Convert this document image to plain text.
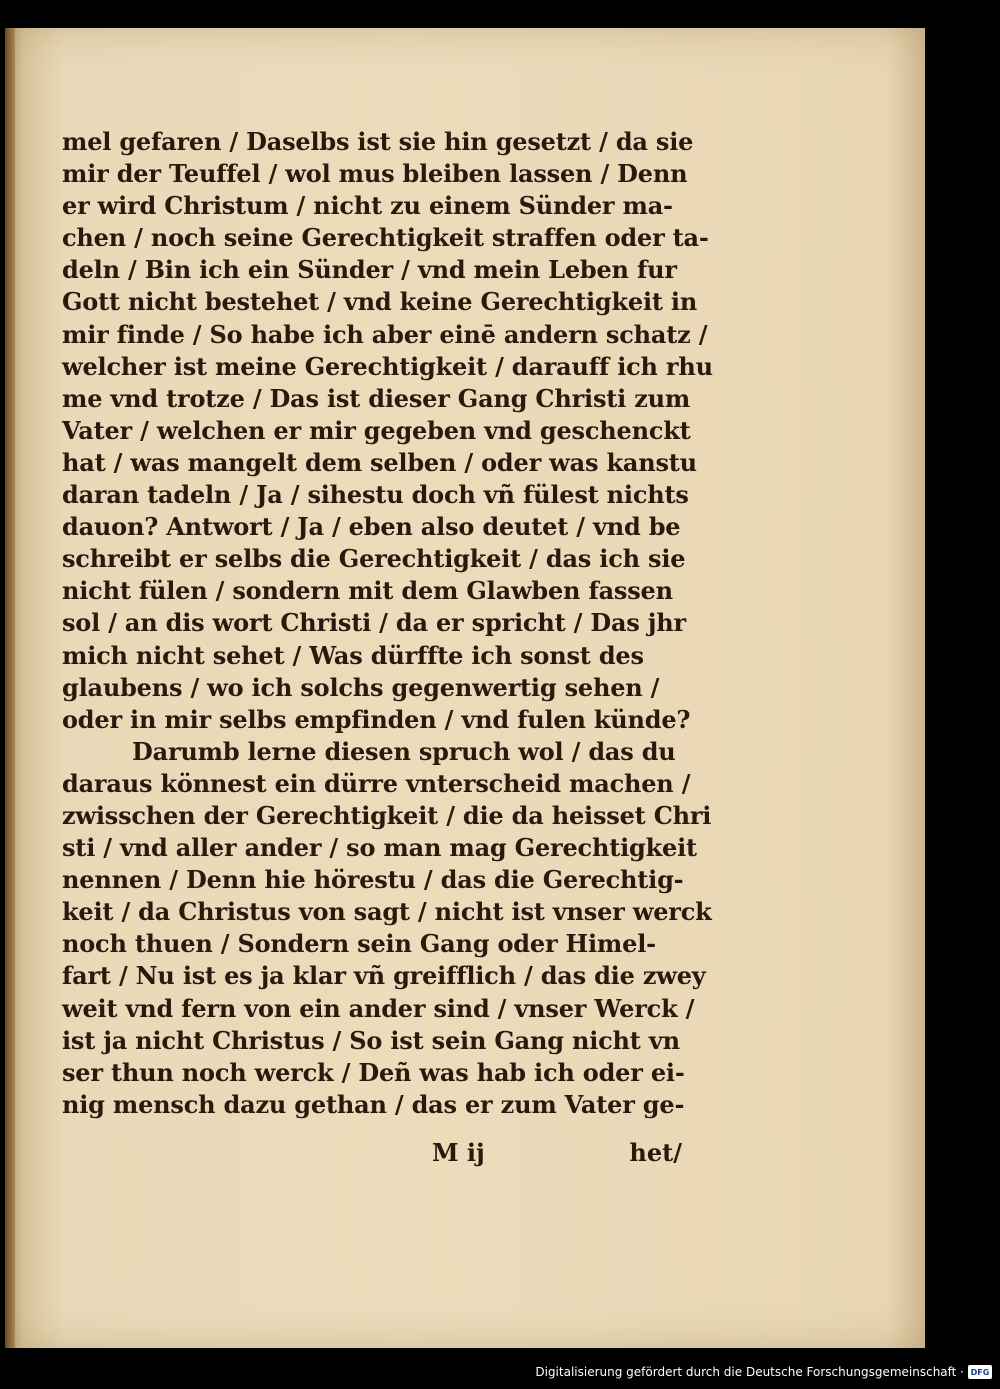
mel gefaren / Daselbs ist sie hin gesetzt / da sie
mir der Teuffel / wol mus bleiben lassen / Denn
er wird Christum / nicht zu einem Sünder ma-
chen / noch seine Gerechtigkeit straffen oder ta-
deln / Bin ich ein Sünder / vnd mein Leben fur
Gott nicht bestehet / vnd keine Gerechtigkeit in
mir finde / So habe ich aber einē andern schatz /
welcher ist meine Gerechtigkeit / darauff ich rhu
me vnd trotze / Das ist dieser Gang Christi zum
Vater / welchen er mir gegeben vnd geschenckt
hat / was mangelt dem selben / oder was kanstu
daran tadeln / Ja / sihestu doch vñ fülest nichts
dauon? Antwort / Ja / eben also deutet / vnd be
schreibt er selbs die Gerechtigkeit / das ich sie
nicht fülen / sondern mit dem Glawben fassen
sol / an dis wort Christi / da er spricht / Das jhr
mich nicht sehet / Was dürffte ich sonst des
glaubens / wo ich solchs gegenwertig sehen /
oder in mir selbs empfinden / vnd fulen künde?
Darumb lerne diesen spruch wol / das du
daraus könnest ein dürre vnterscheid machen /
zwisschen der Gerechtigkeit / die da heisset Chri
sti / vnd aller ander / so man mag Gerechtigkeit
nennen / Denn hie hörestu / das die Gerechtig-
keit / da Christus von sagt / nicht ist vnser werck
noch thuen / Sondern sein Gang oder Himel-
fart / Nu ist es ja klar vñ greifflich / das die zwey
weit vnd fern von ein ander sind / vnser Werck /
ist ja nicht Christus / So ist sein Gang nicht vn
ser thun noch werck / Deñ was hab ich oder ei-
nig mensch dazu gethan / das er zum Vater ge-
M ij	het/
Digitalisierung gefördert durch die Deutsche Forschungsgemeinschaft · DFG
